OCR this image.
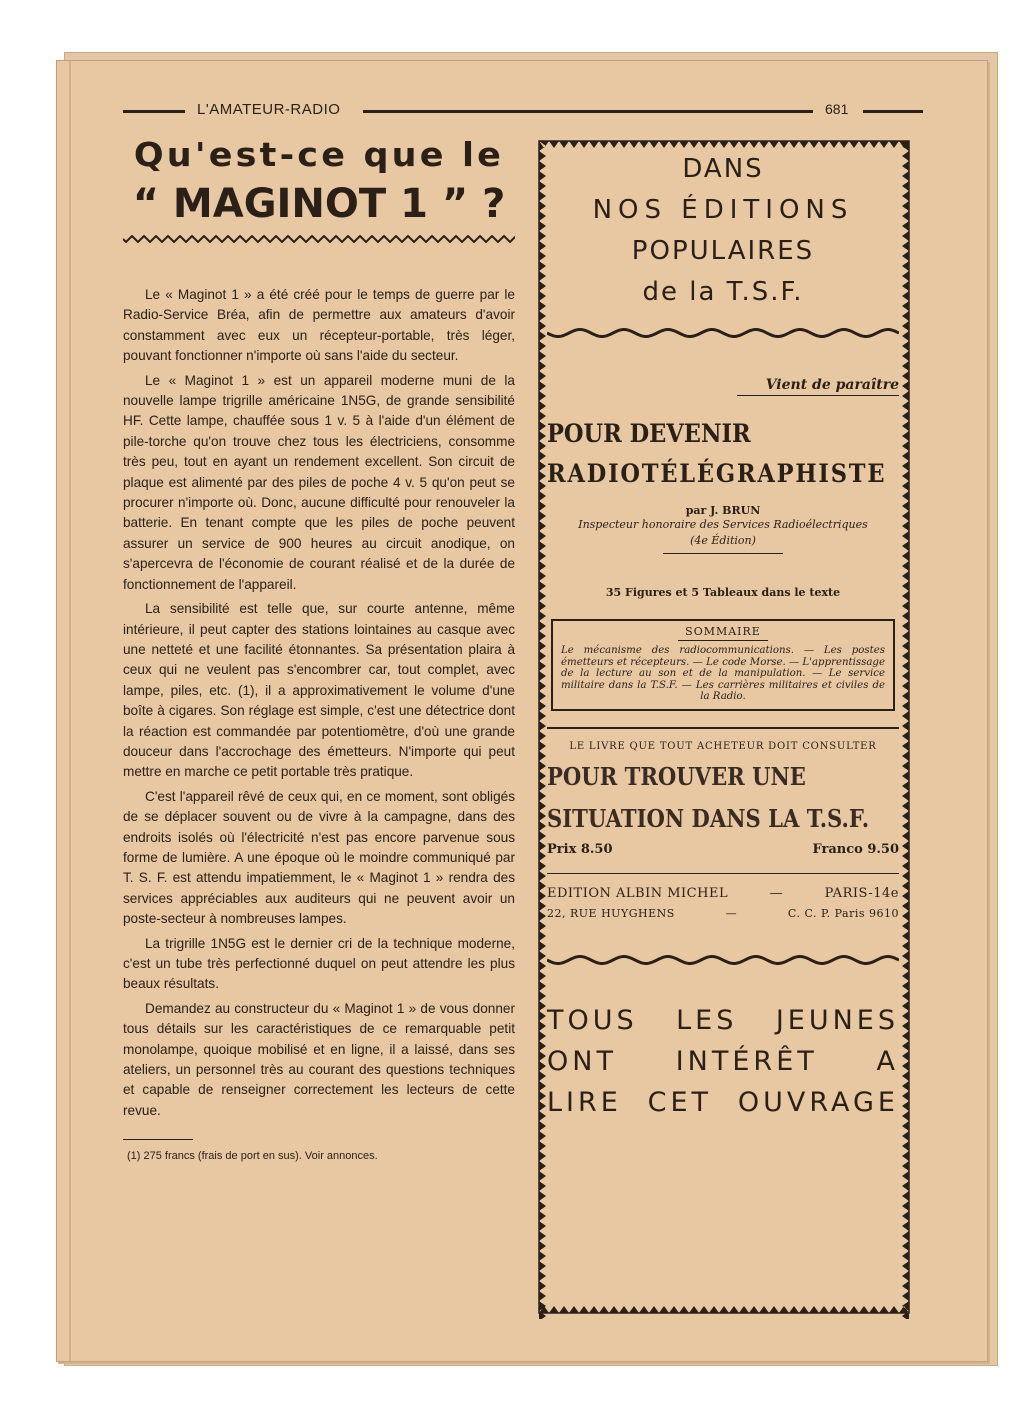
L'AMATEUR-RADIO	681
Qu'est-ce que le
“ MAGINOT 1 ” ?

Le « Maginot 1 » a été créé pour le temps de guerre par le Radio-Service Bréa, afin de permettre aux amateurs d'avoir constamment avec eux un récepteur-portable, très léger, pouvant fonctionner n'importe où sans l'aide du secteur.

Le « Maginot 1 » est un appareil moderne muni de la nouvelle lampe trigrille américaine 1N5G, de grande sensibilité HF. Cette lampe, chauffée sous 1 v. 5 à l'aide d'un élément de pile-torche qu'on trouve chez tous les électriciens, consomme très peu, tout en ayant un rendement excellent. Son circuit de plaque est alimenté par des piles de poche 4 v. 5 qu'on peut se procurer n'importe où. Donc, aucune difficulté pour renouveler la batterie. En tenant compte que les piles de poche peuvent assurer un service de 900 heures au circuit anodique, on s'apercevra de l'économie de courant réalisé et de la durée de fonctionnement de l'appareil.

La sensibilité est telle que, sur courte antenne, même intérieure, il peut capter des stations lointaines au casque avec une netteté et une facilité étonnantes. Sa présentation plaira à ceux qui ne veulent pas s'encombrer car, tout complet, avec lampe, piles, etc. (1), il a approximativement le volume d'une boîte à cigares. Son réglage est simple, c'est une détectrice dont la réaction est commandée par potentiomètre, d'où une grande douceur dans l'accrochage des émetteurs. N'importe qui peut mettre en marche ce petit portable très pratique.

C'est l'appareil rêvé de ceux qui, en ce moment, sont obligés de se déplacer souvent ou de vivre à la campagne, dans des endroits isolés où l'électricité n'est pas encore parvenue sous forme de lumière. A une époque où le moindre communiqué par T. S. F. est attendu impatiemment, le « Maginot 1 » rendra des services appréciables aux auditeurs qui ne peuvent avoir un poste-secteur à nombreuses lampes.

La trigrille 1N5G est le dernier cri de la technique moderne, c'est un tube très perfectionné duquel on peut attendre les plus beaux résultats.

Demandez au constructeur du « Maginot 1 » de vous donner tous détails sur les caractéristiques de ce remarquable petit monolampe, quoique mobilisé et en ligne, il a laissé, dans ses ateliers, un personnel très au courant des questions techniques et capable de renseigner correctement les lecteurs de cette revue.

(1) 275 francs (frais de port en sus). Voir annonces.
DANS
NOS ÉDITIONS
POPULAIRES
de la T.S.F.
Vient de paraître
POUR DEVENIR
RADIOTÉLÉGRAPHISTE
par J. BRUN
Inspecteur honoraire des Services Radioélectriques
(4e Édition)
35 Figures et 5 Tableaux dans le texte
SOMMAIRE
Le mécanisme des radiocommunications. — Les postes émetteurs et récepteurs. — Le code Morse. — L'apprentissage de la lecture au son et de la manipulation. — Le service militaire dans la T.S.F. — Les carrières militaires et civiles de la Radio.
LE LIVRE QUE TOUT ACHETEUR DOIT CONSULTER
POUR TROUVER UNE
SITUATION DANS LA T.S.F.
Prix 8.50	Franco 9.50
EDITION ALBIN MICHEL	—	PARIS-14e
22, RUE HUYGHENS	—	C. C. P. Paris 9610
TOUS LES JEUNES
ONT INTÉRÊT A
LIRE CET OUVRAGE
